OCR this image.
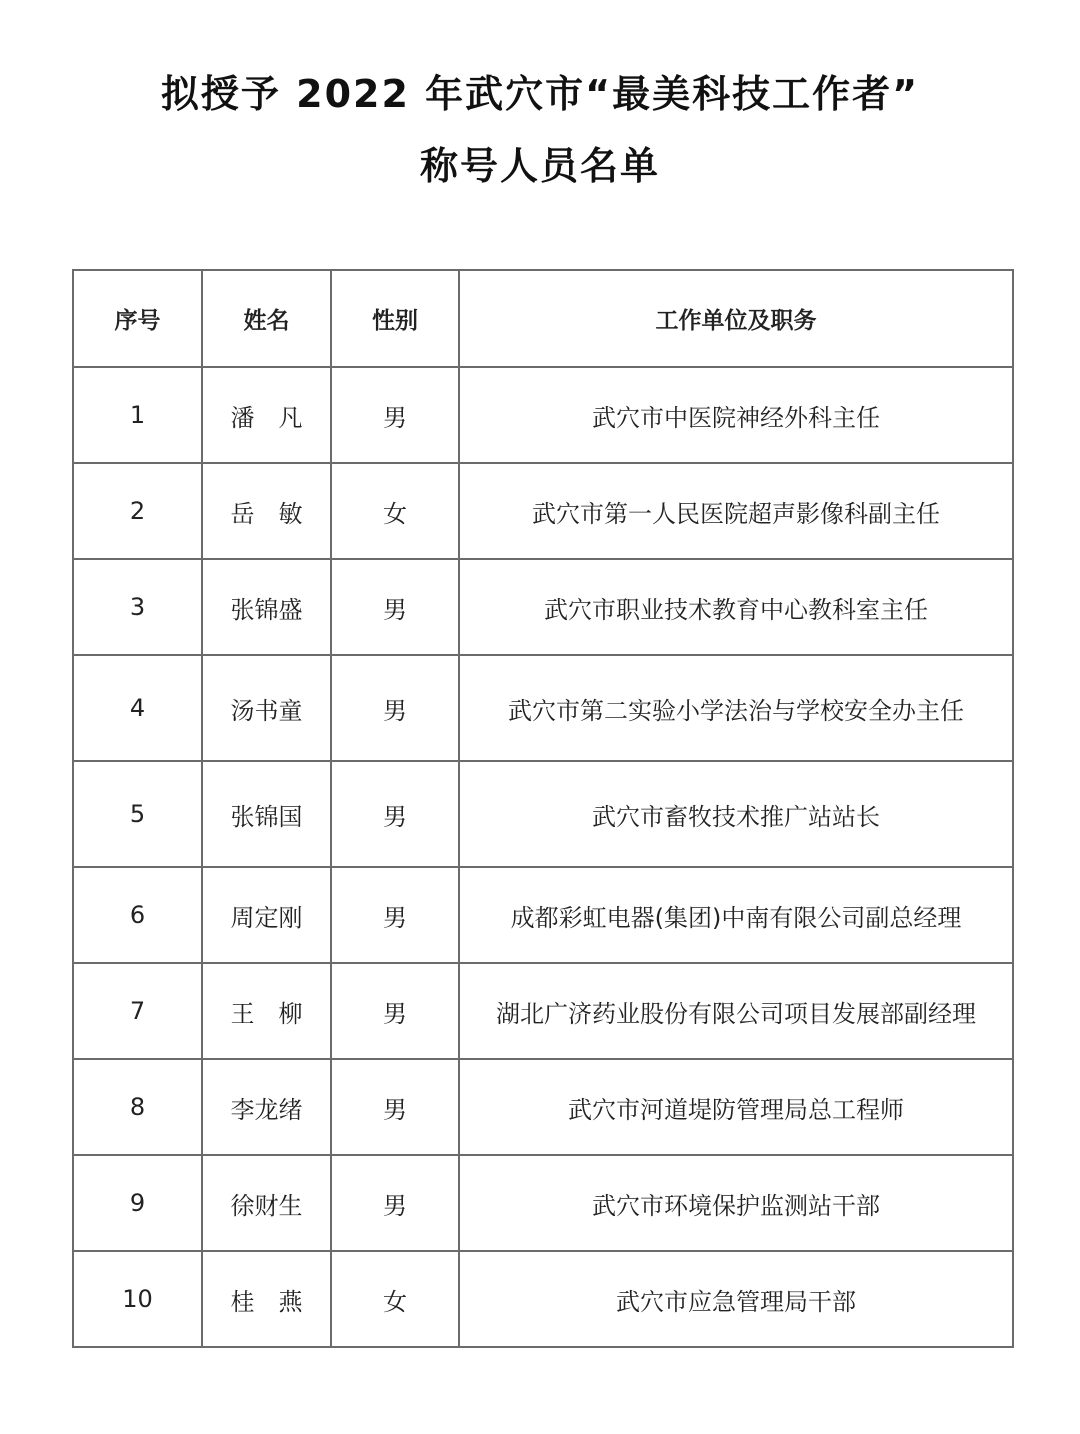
拟授予 2022 年武穴市“最美科技工作者”
称号人员名单
序号	姓名	性别	工作单位及职务
1	潘　凡	男	武穴市中医院神经外科主任
2	岳　敏	女	武穴市第一人民医院超声影像科副主任
3	张锦盛	男	武穴市职业技术教育中心教科室主任
4	汤书童	男	武穴市第二实验小学法治与学校安全办主任
5	张锦国	男	武穴市畜牧技术推广站站长
6	周定刚	男	成都彩虹电器(集团)中南有限公司副总经理
7	王　柳	男	湖北广济药业股份有限公司项目发展部副经理
8	李龙绪	男	武穴市河道堤防管理局总工程师
9	徐财生	男	武穴市环境保护监测站干部
10	桂　燕	女	武穴市应急管理局干部
